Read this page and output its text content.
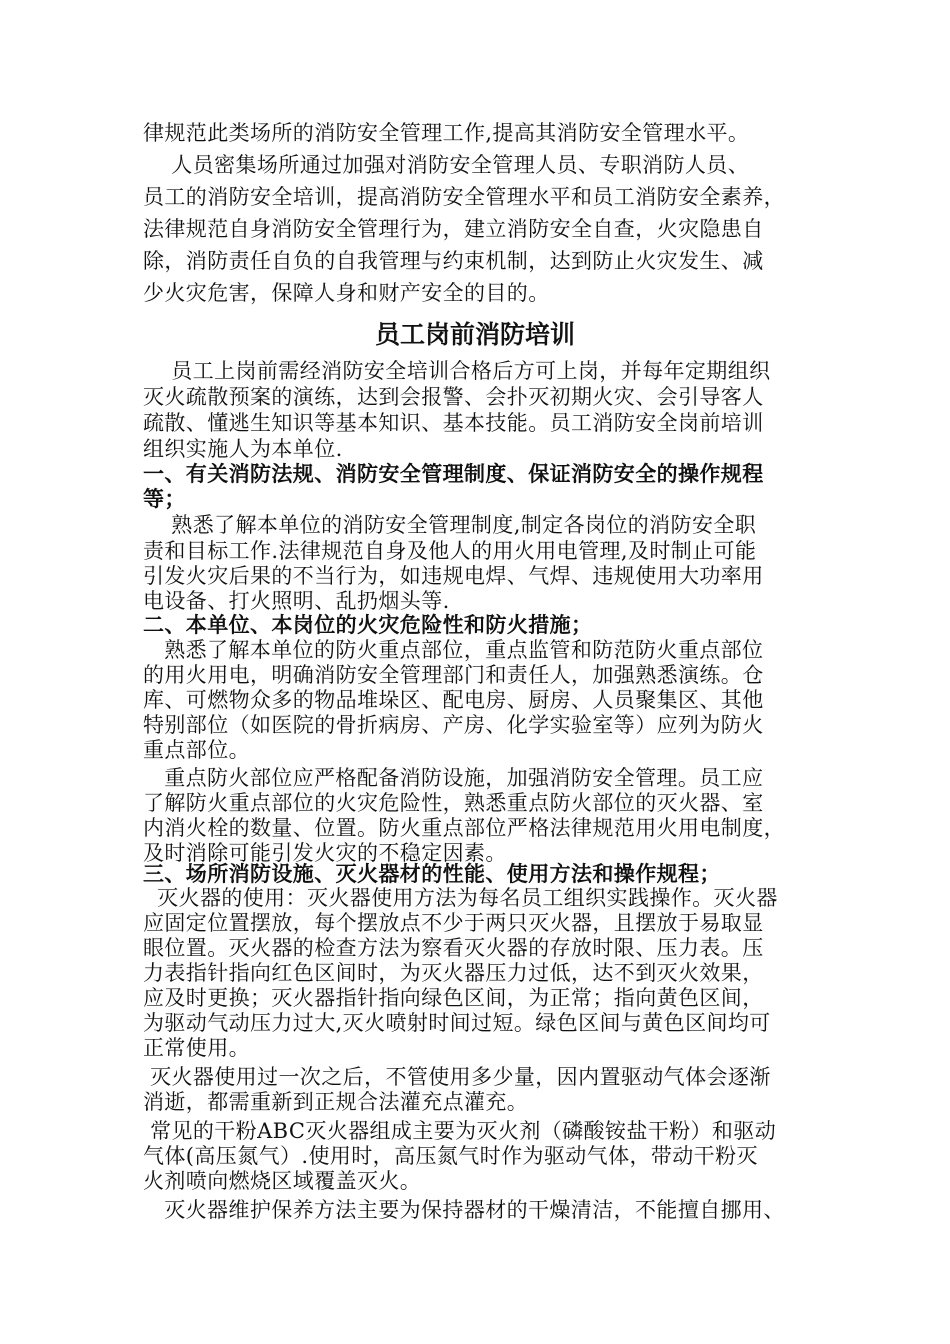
律规范此类场所的消防安全管理工作,提高其消防安全管理水平。
人员密集场所通过加强对消防安全管理人员、专职消防人员、
员工的消防安全培训，提高消防安全管理水平和员工消防安全素养，
法律规范自身消防安全管理行为，建立消防安全自查，火灾隐患自
除，消防责任自负的自我管理与约束机制，达到防止火灾发生、减
少火灾危害，保障人身和财产安全的目的。
员工岗前消防培训
员工上岗前需经消防安全培训合格后方可上岗，并每年定期组织
灭火疏散预案的演练，达到会报警、会扑灭初期火灾、会引导客人
疏散、懂逃生知识等基本知识、基本技能。员工消防安全岗前培训
组织实施人为本单位.
一、有关消防法规、消防安全管理制度、保证消防安全的操作规程
等；
熟悉了解本单位的消防安全管理制度,制定各岗位的消防安全职
责和目标工作.法律规范自身及他人的用火用电管理,及时制止可能
引发火灾后果的不当行为，如违规电焊、气焊、违规使用大功率用
电设备、打火照明、乱扔烟头等.
二、本单位、本岗位的火灾危险性和防火措施；
熟悉了解本单位的防火重点部位，重点监管和防范防火重点部位
的用火用电，明确消防安全管理部门和责任人，加强熟悉演练。仓
库、可燃物众多的物品堆垛区、配电房、厨房、人员聚集区、其他
特别部位（如医院的骨折病房、产房、化学实验室等）应列为防火
重点部位。
重点防火部位应严格配备消防设施，加强消防安全管理。员工应
了解防火重点部位的火灾危险性，熟悉重点防火部位的灭火器、室
内消火栓的数量、位置。防火重点部位严格法律规范用火用电制度，
及时消除可能引发火灾的不稳定因素。
三、场所消防设施、灭火器材的性能、使用方法和操作规程；
灭火器的使用：灭火器使用方法为每名员工组织实践操作。灭火器
应固定位置摆放，每个摆放点不少于两只灭火器，且摆放于易取显
眼位置。灭火器的检查方法为察看灭火器的存放时限、压力表。压
力表指针指向红色区间时，为灭火器压力过低，达不到灭火效果，
应及时更换；灭火器指针指向绿色区间，为正常；指向黄色区间，
为驱动气动压力过大,灭火喷射时间过短。绿色区间与黄色区间均可
正常使用。
灭火器使用过一次之后，不管使用多少量，因内置驱动气体会逐渐
消逝，都需重新到正规合法灌充点灌充。
常见的干粉ABC灭火器组成主要为灭火剂（磷酸铵盐干粉）和驱动
气体(高压氮气）.使用时，高压氮气时作为驱动气体，带动干粉灭
火剂喷向燃烧区域覆盖灭火。
灭火器维护保养方法主要为保持器材的干燥清洁，不能擅自挪用、
